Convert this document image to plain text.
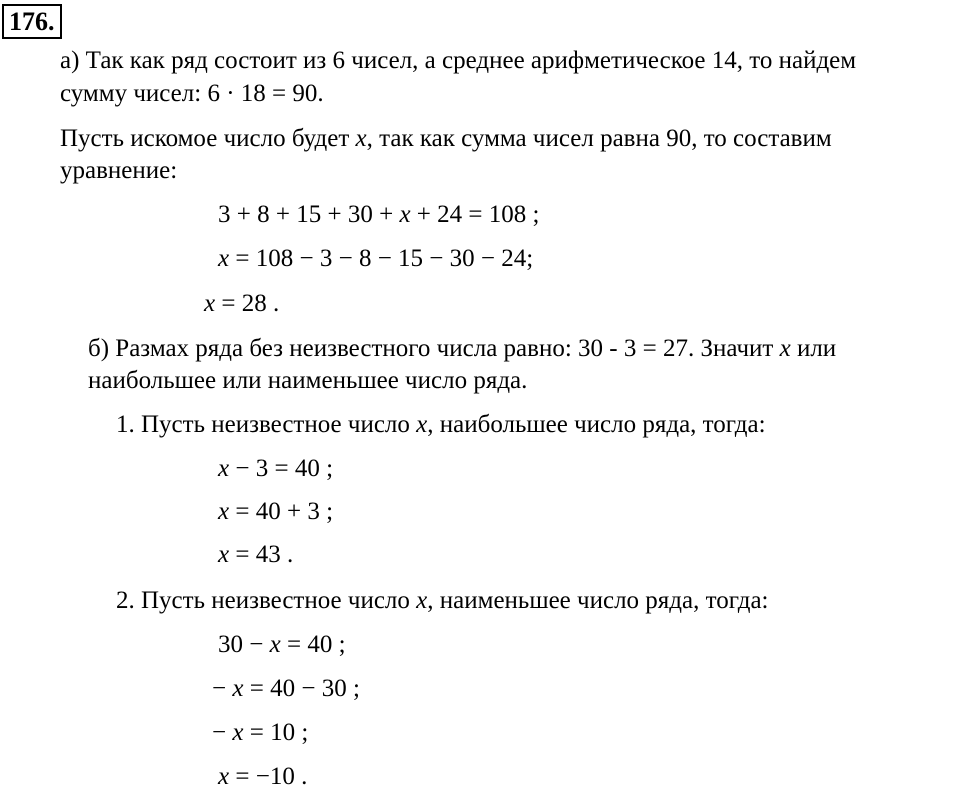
176.
а) Так как ряд состоит из 6 чисел, а среднее арифметическое 14, то найдем
сумму чисел: 6 · 18 = 90.
Пусть искомое число будет x, так как сумма чисел равна 90, то составим
уравнение:
3 + 8 + 15 + 30 + x + 24 = 108 ;
x = 108 − 3 − 8 − 15 − 30 − 24;
x = 28 .
б) Размах ряда без неизвестного числа равно: 30 - 3 = 27. Значит x или
наибольшее или наименьшее число ряда.
1. Пусть неизвестное число x, наибольшее число ряда, тогда:
x − 3 = 40 ;
x = 40 + 3 ;
x = 43 .
2. Пусть неизвестное число x, наименьшее число ряда, тогда:
30 − x = 40 ;
− x = 40 − 30 ;
− x = 10 ;
x = −10 .
